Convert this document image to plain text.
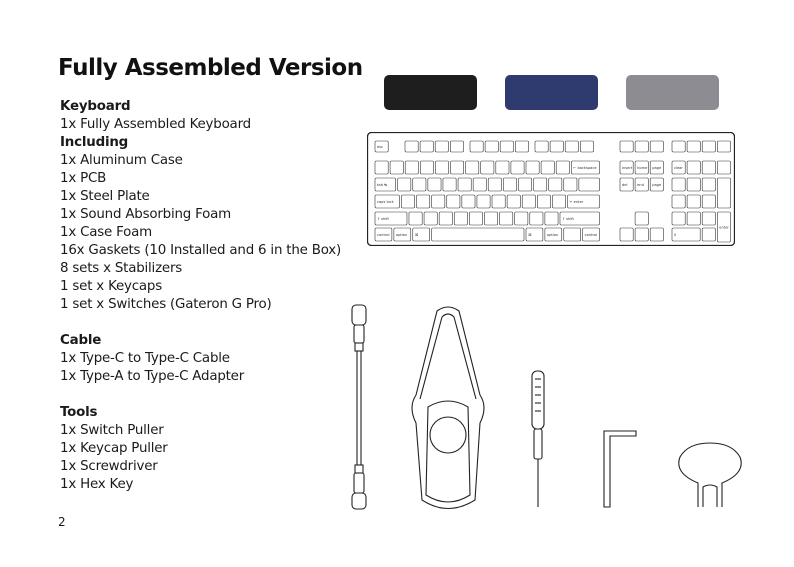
Fully Assembled Version
Keyboard
1x Fully Assembled Keyboard
Including
1x Aluminum Case
1x PCB
1x Steel Plate
1x Sound Absorbing Foam
1x Case Foam
16x Gaskets (10 Installed and 6 in the Box)
8 sets x Stabilizers
1 set x Keycaps
1 set x Switches (Gateron G Pro)
Cable
1x Type-C to Type-C Cable
1x Type-A to Type-C Adapter
Tools
1x Switch Puller
1x Keycap Puller
1x Screwdriver
1x Hex Key
2
esc
← backspace
tab ↹
caps lock	↵ enter
⇧ shift	⇧ shift
control option ⌘	⌘	option	control
insert home page
del	end page
clear
enter
0
